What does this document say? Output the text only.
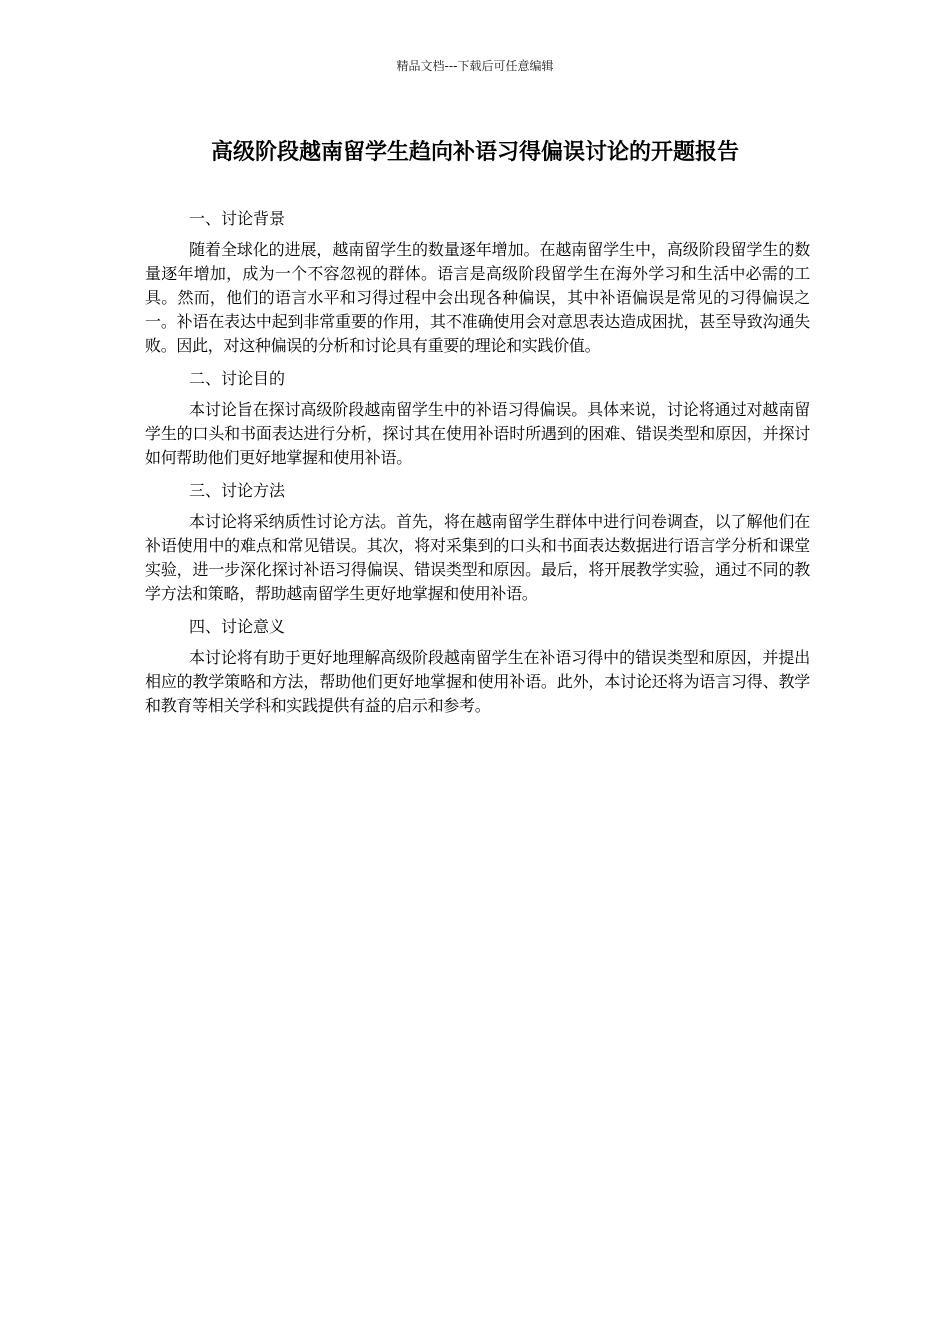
精品文档---下载后可任意编辑
高级阶段越南留学生趋向补语习得偏误讨论的开题报告
一、讨论背景

随着全球化的进展，越南留学生的数量逐年增加。在越南留学生中，高级阶段留学生的数量逐年增加，成为一个不容忽视的群体。语言是高级阶段留学生在海外学习和生活中必需的工具。然而，他们的语言水平和习得过程中会出现各种偏误，其中补语偏误是常见的习得偏误之一。补语在表达中起到非常重要的作用，其不准确使用会对意思表达造成困扰，甚至导致沟通失败。因此，对这种偏误的分析和讨论具有重要的理论和实践价值。

二、讨论目的

本讨论旨在探讨高级阶段越南留学生中的补语习得偏误。具体来说，讨论将通过对越南留学生的口头和书面表达进行分析，探讨其在使用补语时所遇到的困难、错误类型和原因，并探讨如何帮助他们更好地掌握和使用补语。

三、讨论方法

本讨论将采纳质性讨论方法。首先，将在越南留学生群体中进行问卷调查，以了解他们在补语使用中的难点和常见错误。其次，将对采集到的口头和书面表达数据进行语言学分析和课堂实验，进一步深化探讨补语习得偏误、错误类型和原因。最后，将开展教学实验，通过不同的教学方法和策略，帮助越南留学生更好地掌握和使用补语。

四、讨论意义

本讨论将有助于更好地理解高级阶段越南留学生在补语习得中的错误类型和原因，并提出相应的教学策略和方法，帮助他们更好地掌握和使用补语。此外，本讨论还将为语言习得、教学和教育等相关学科和实践提供有益的启示和参考。
